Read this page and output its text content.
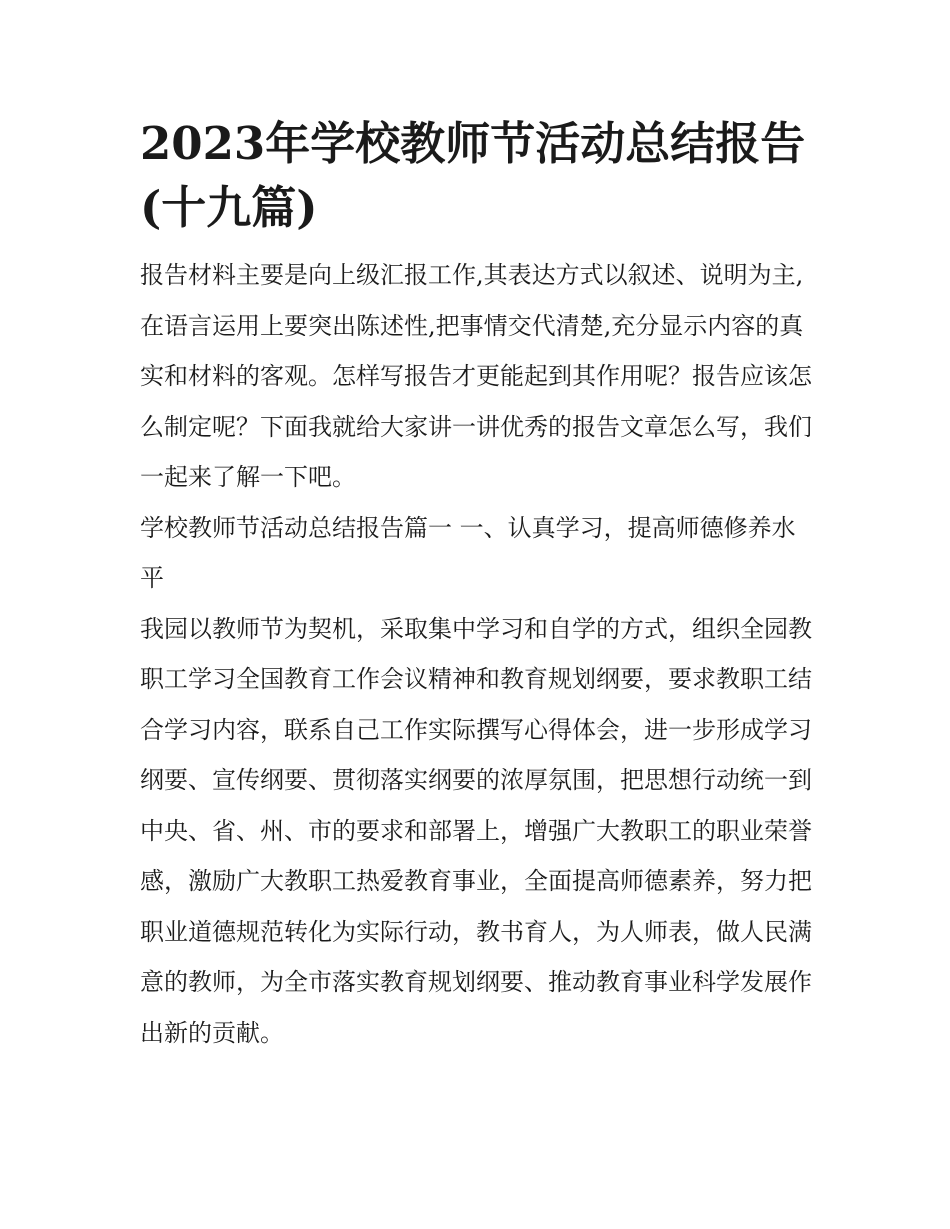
2023年学校教师节活动总结报告(十九篇)

报告材料主要是向上级汇报工作,其表达方式以叙述、说明为主,在语言运用上要突出陈述性,把事情交代清楚,充分显示内容的真实和材料的客观。怎样写报告才更能起到其作用呢？报告应该怎么制定呢？下面我就给大家讲一讲优秀的报告文章怎么写，我们一起来了解一下吧。

学校教师节活动总结报告篇一 一、认真学习，提高师德修养水平

我园以教师节为契机，采取集中学习和自学的方式，组织全园教职工学习全国教育工作会议精神和教育规划纲要，要求教职工结合学习内容，联系自己工作实际撰写心得体会，进一步形成学习纲要、宣传纲要、贯彻落实纲要的浓厚氛围，把思想行动统一到中央、省、州、市的要求和部署上，增强广大教职工的职业荣誉感，激励广大教职工热爱教育事业，全面提高师德素养，努力把职业道德规范转化为实际行动，教书育人，为人师表，做人民满意的教师，为全市落实教育规划纲要、推动教育事业科学发展作出新的贡献。
